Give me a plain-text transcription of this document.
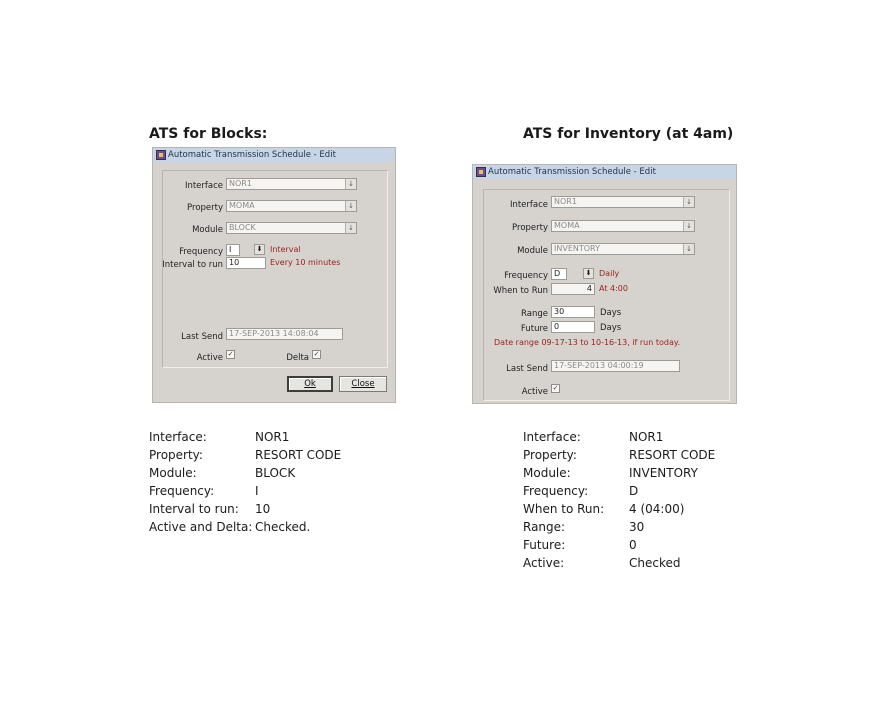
ATS for Blocks:
Automatic Transmission Schedule - Edit
Interface NOR1	↓
Property MOMA	↓
Module BLOCK	↓
Frequency I	⬇ Interval
Interval to run 10	Every 10 minutes
Last Send 17-SEP-2013 14:08:04
Active ✓	Delta ✓
Ok	Close
Interface:	NOR1
Property:	RESORT CODE
Module:	BLOCK
Frequency:	I
Interval to run: 10
Active and Delta: Checked.
ATS for Inventory (at 4am)
Automatic Transmission Schedule - Edit
Interface NOR1	↓
Property MOMA	↓
Module INVENTORY	↓
Frequency D	⬇ Daily
When to Run	4 At 4:00
Range 30	Days
Future 0	Days
Date range 09-17-13 to 10-16-13, if run today.
Last Send 17-SEP-2013 04:00:19
Active ✓
Interface:	NOR1
Property:	RESORT CODE
Module:	INVENTORY
Frequency:	D
When to Run: 4 (04:00)
Range:	30
Future:	0
Active:	Checked
